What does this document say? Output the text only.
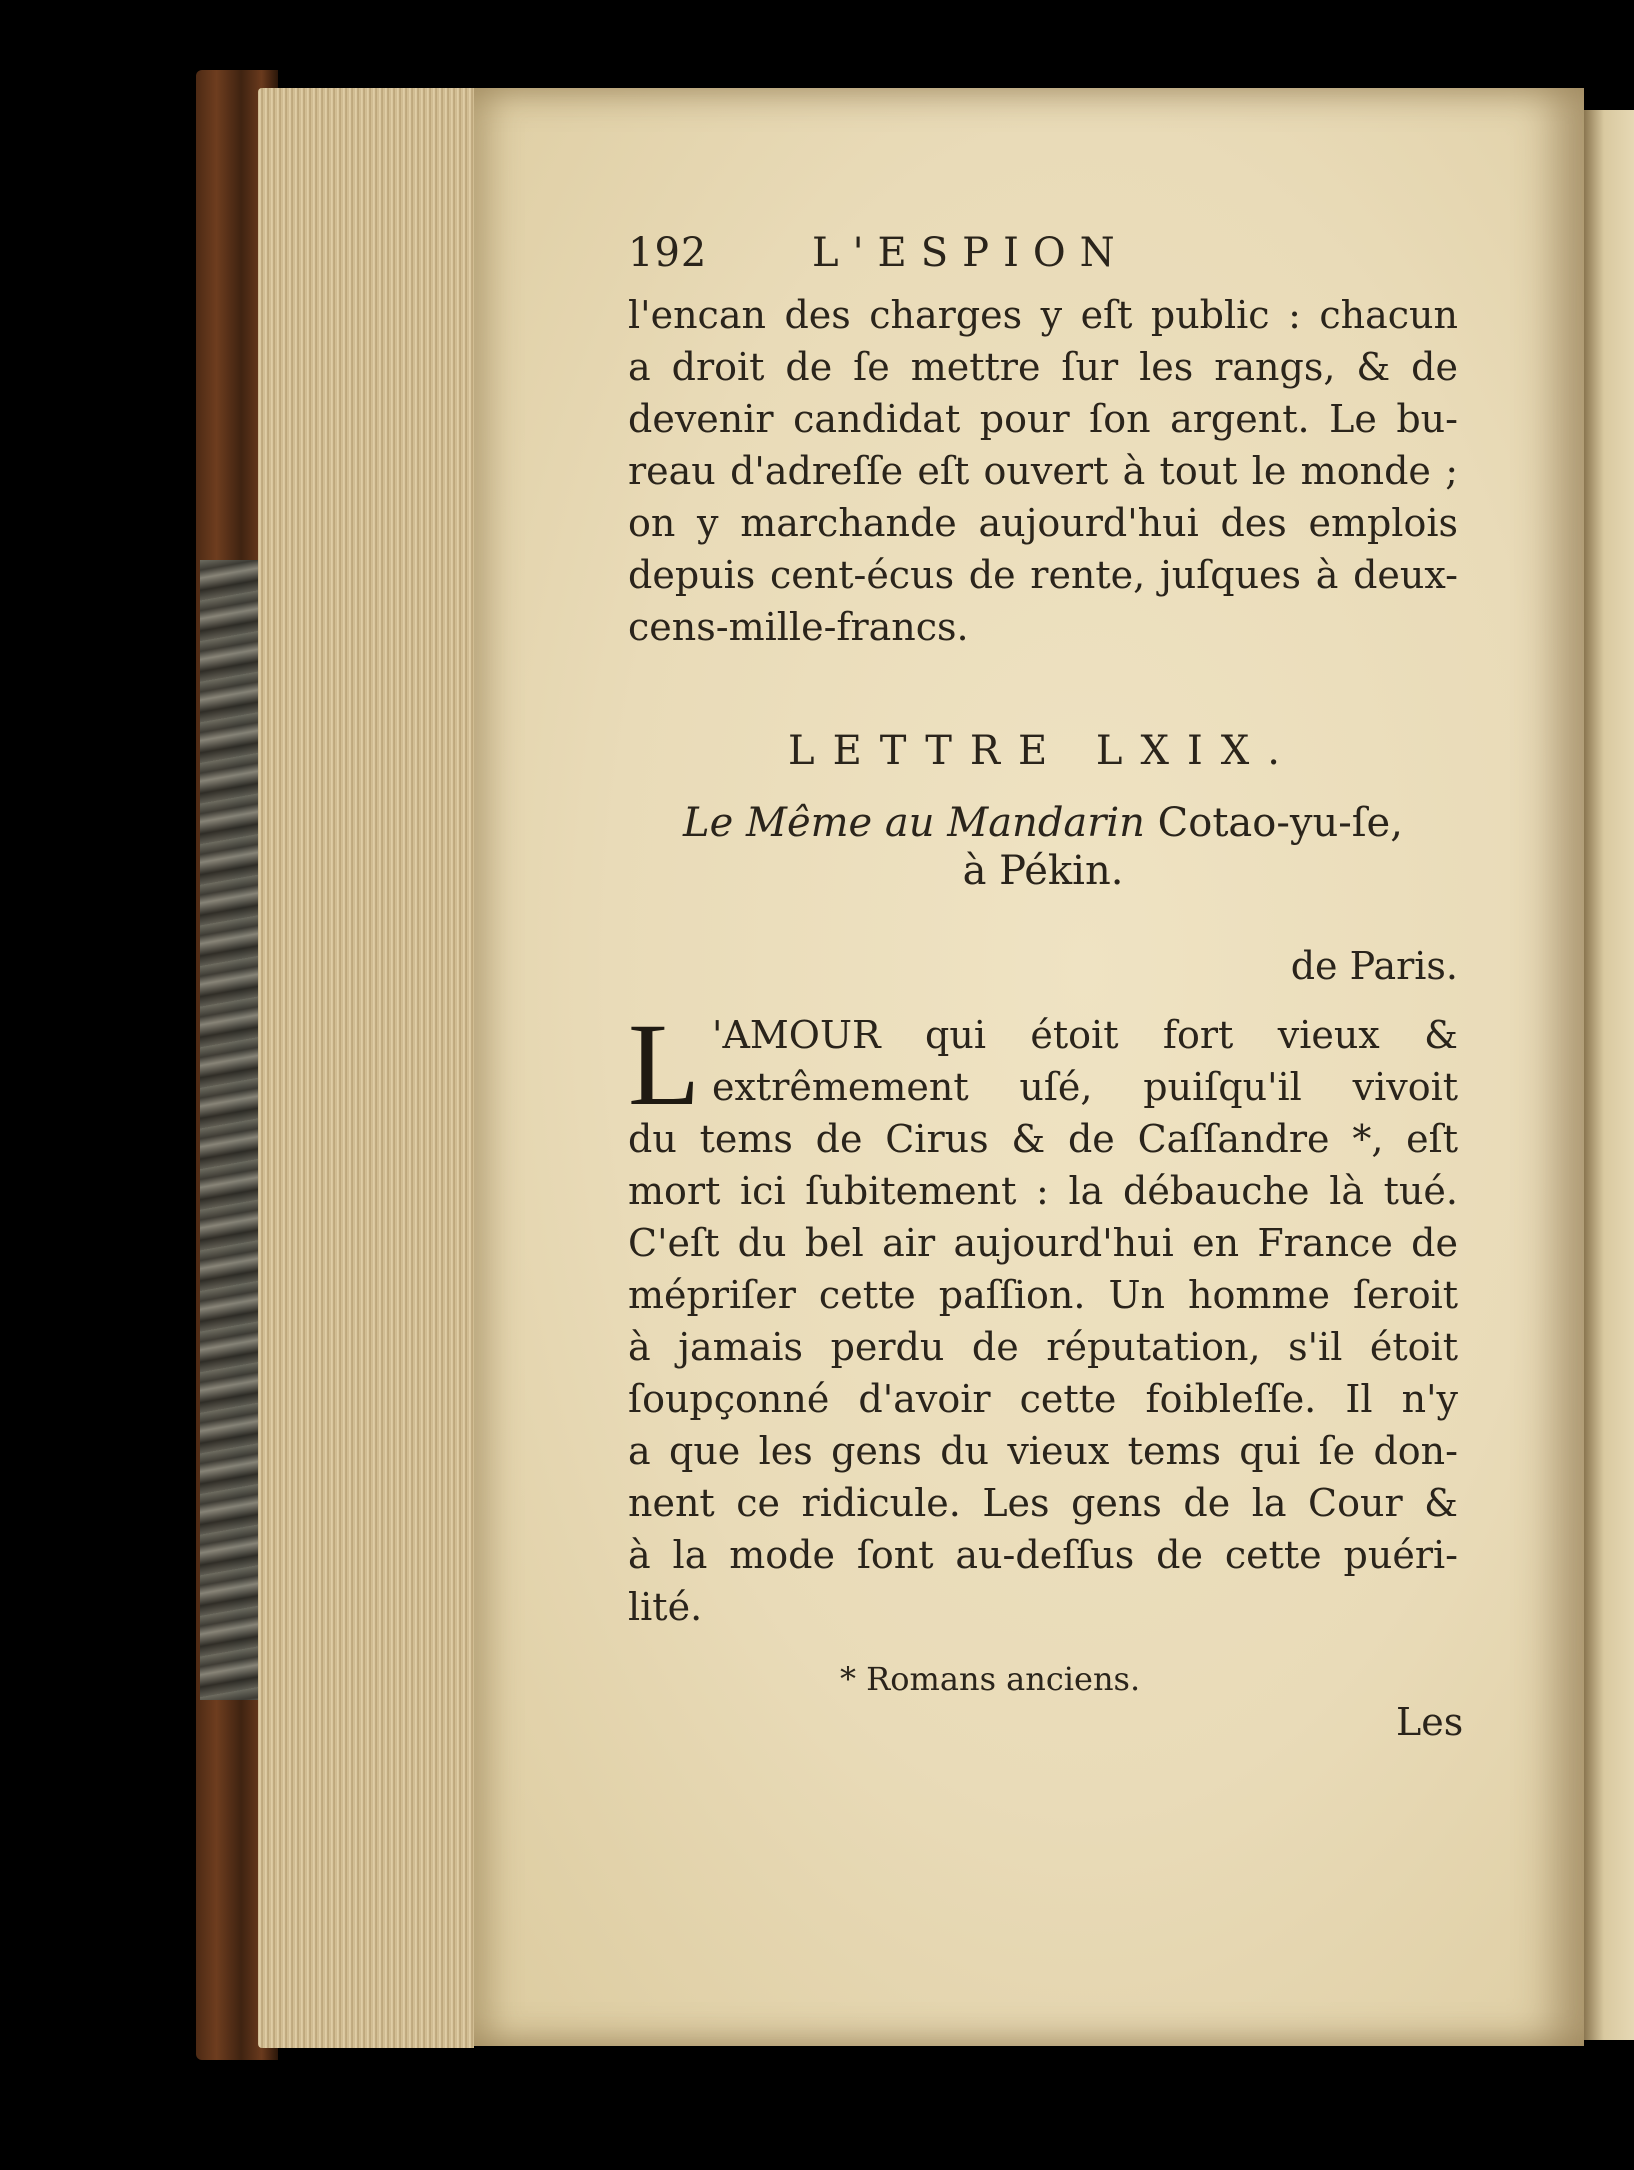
192	L'ESPION
l'encan des charges y eſt public : chacun
a droit de ſe mettre ſur les rangs, & de
devenir candidat pour ſon argent. Le bu-
reau d'adreſſe eſt ouvert à tout le monde ;
on y marchande aujourd'hui des emplois
depuis cent-écus de rente, juſques à deux-
cens-mille-francs.
LETTRE LXIX.
Le Même au Mandarin Cotao-yu-ſe,
à Pékin.
de Paris.
L 'AMOUR qui étoit fort vieux &
extrêmement uſé, puiſqu'il vivoit
du tems de Cirus & de Caſſandre *, eſt
mort ici ſubitement : la débauche là tué.
C'eſt du bel air aujourd'hui en France de
mépriſer cette paſſion. Un homme ſeroit
à jamais perdu de réputation, s'il étoit
ſoupçonné d'avoir cette foibleſſe. Il n'y
a que les gens du vieux tems qui ſe don-
nent ce ridicule. Les gens de la Cour &
à la mode ſont au-deſſus de cette puéri-
lité.
* Romans anciens.
Les
